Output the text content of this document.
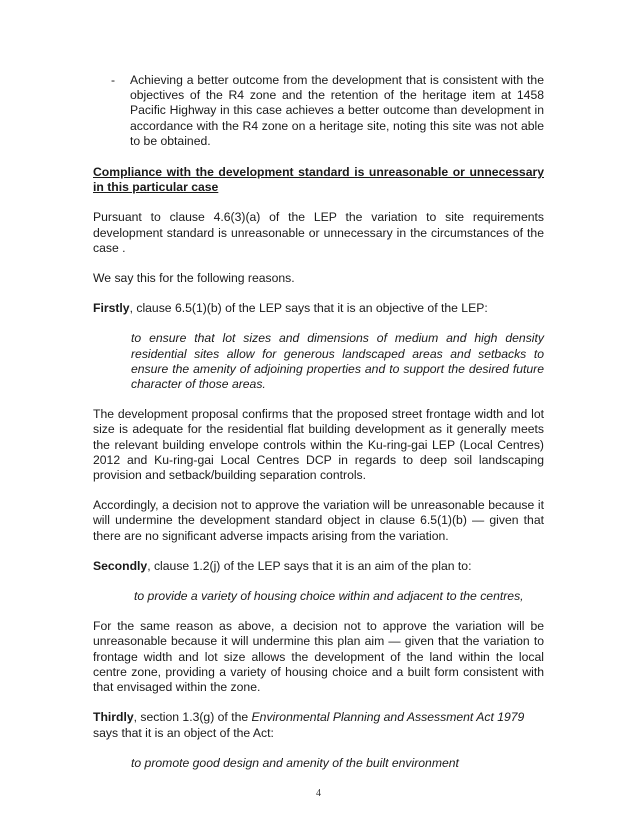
- Achieving a better outcome from the development that is consistent with the objectives of the R4 zone and the retention of the heritage item at 1458 Pacific Highway in this case achieves a better outcome than development in accordance with the R4 zone on a heritage site, noting this site was not able to be obtained.
Compliance with the development standard is unreasonable or unnecessary in this particular case

Pursuant to clause 4.6(3)(a) of the LEP the variation to site requirements development standard is unreasonable or unnecessary in the circumstances of the case .

We say this for the following reasons.

Firstly, clause 6.5(1)(b) of the LEP says that it is an objective of the LEP:

to ensure that lot sizes and dimensions of medium and high density residential sites allow for generous landscaped areas and setbacks to ensure the amenity of adjoining properties and to support the desired future character of those areas.

The development proposal confirms that the proposed street frontage width and lot size is adequate for the residential flat building development as it generally meets the relevant building envelope controls within the Ku-ring-gai LEP (Local Centres) 2012 and Ku-ring-gai Local Centres DCP in regards to deep soil landscaping provision and setback/building separation controls.

Accordingly, a decision not to approve the variation will be unreasonable because it will undermine the development standard object in clause 6.5(1)(b) — given that there are no significant adverse impacts arising from the variation.

Secondly, clause 1.2(j) of the LEP says that it is an aim of the plan to:

to provide a variety of housing choice within and adjacent to the centres,

For the same reason as above, a decision not to approve the variation will be unreasonable because it will undermine this plan aim — given that the variation to frontage width and lot size allows the development of the land within the local centre zone, providing a variety of housing choice and a built form consistent with that envisaged within the zone.

Thirdly, section 1.3(g) of the Environmental Planning and Assessment Act 1979 says that it is an object of the Act:

to promote good design and amenity of the built environment
4
